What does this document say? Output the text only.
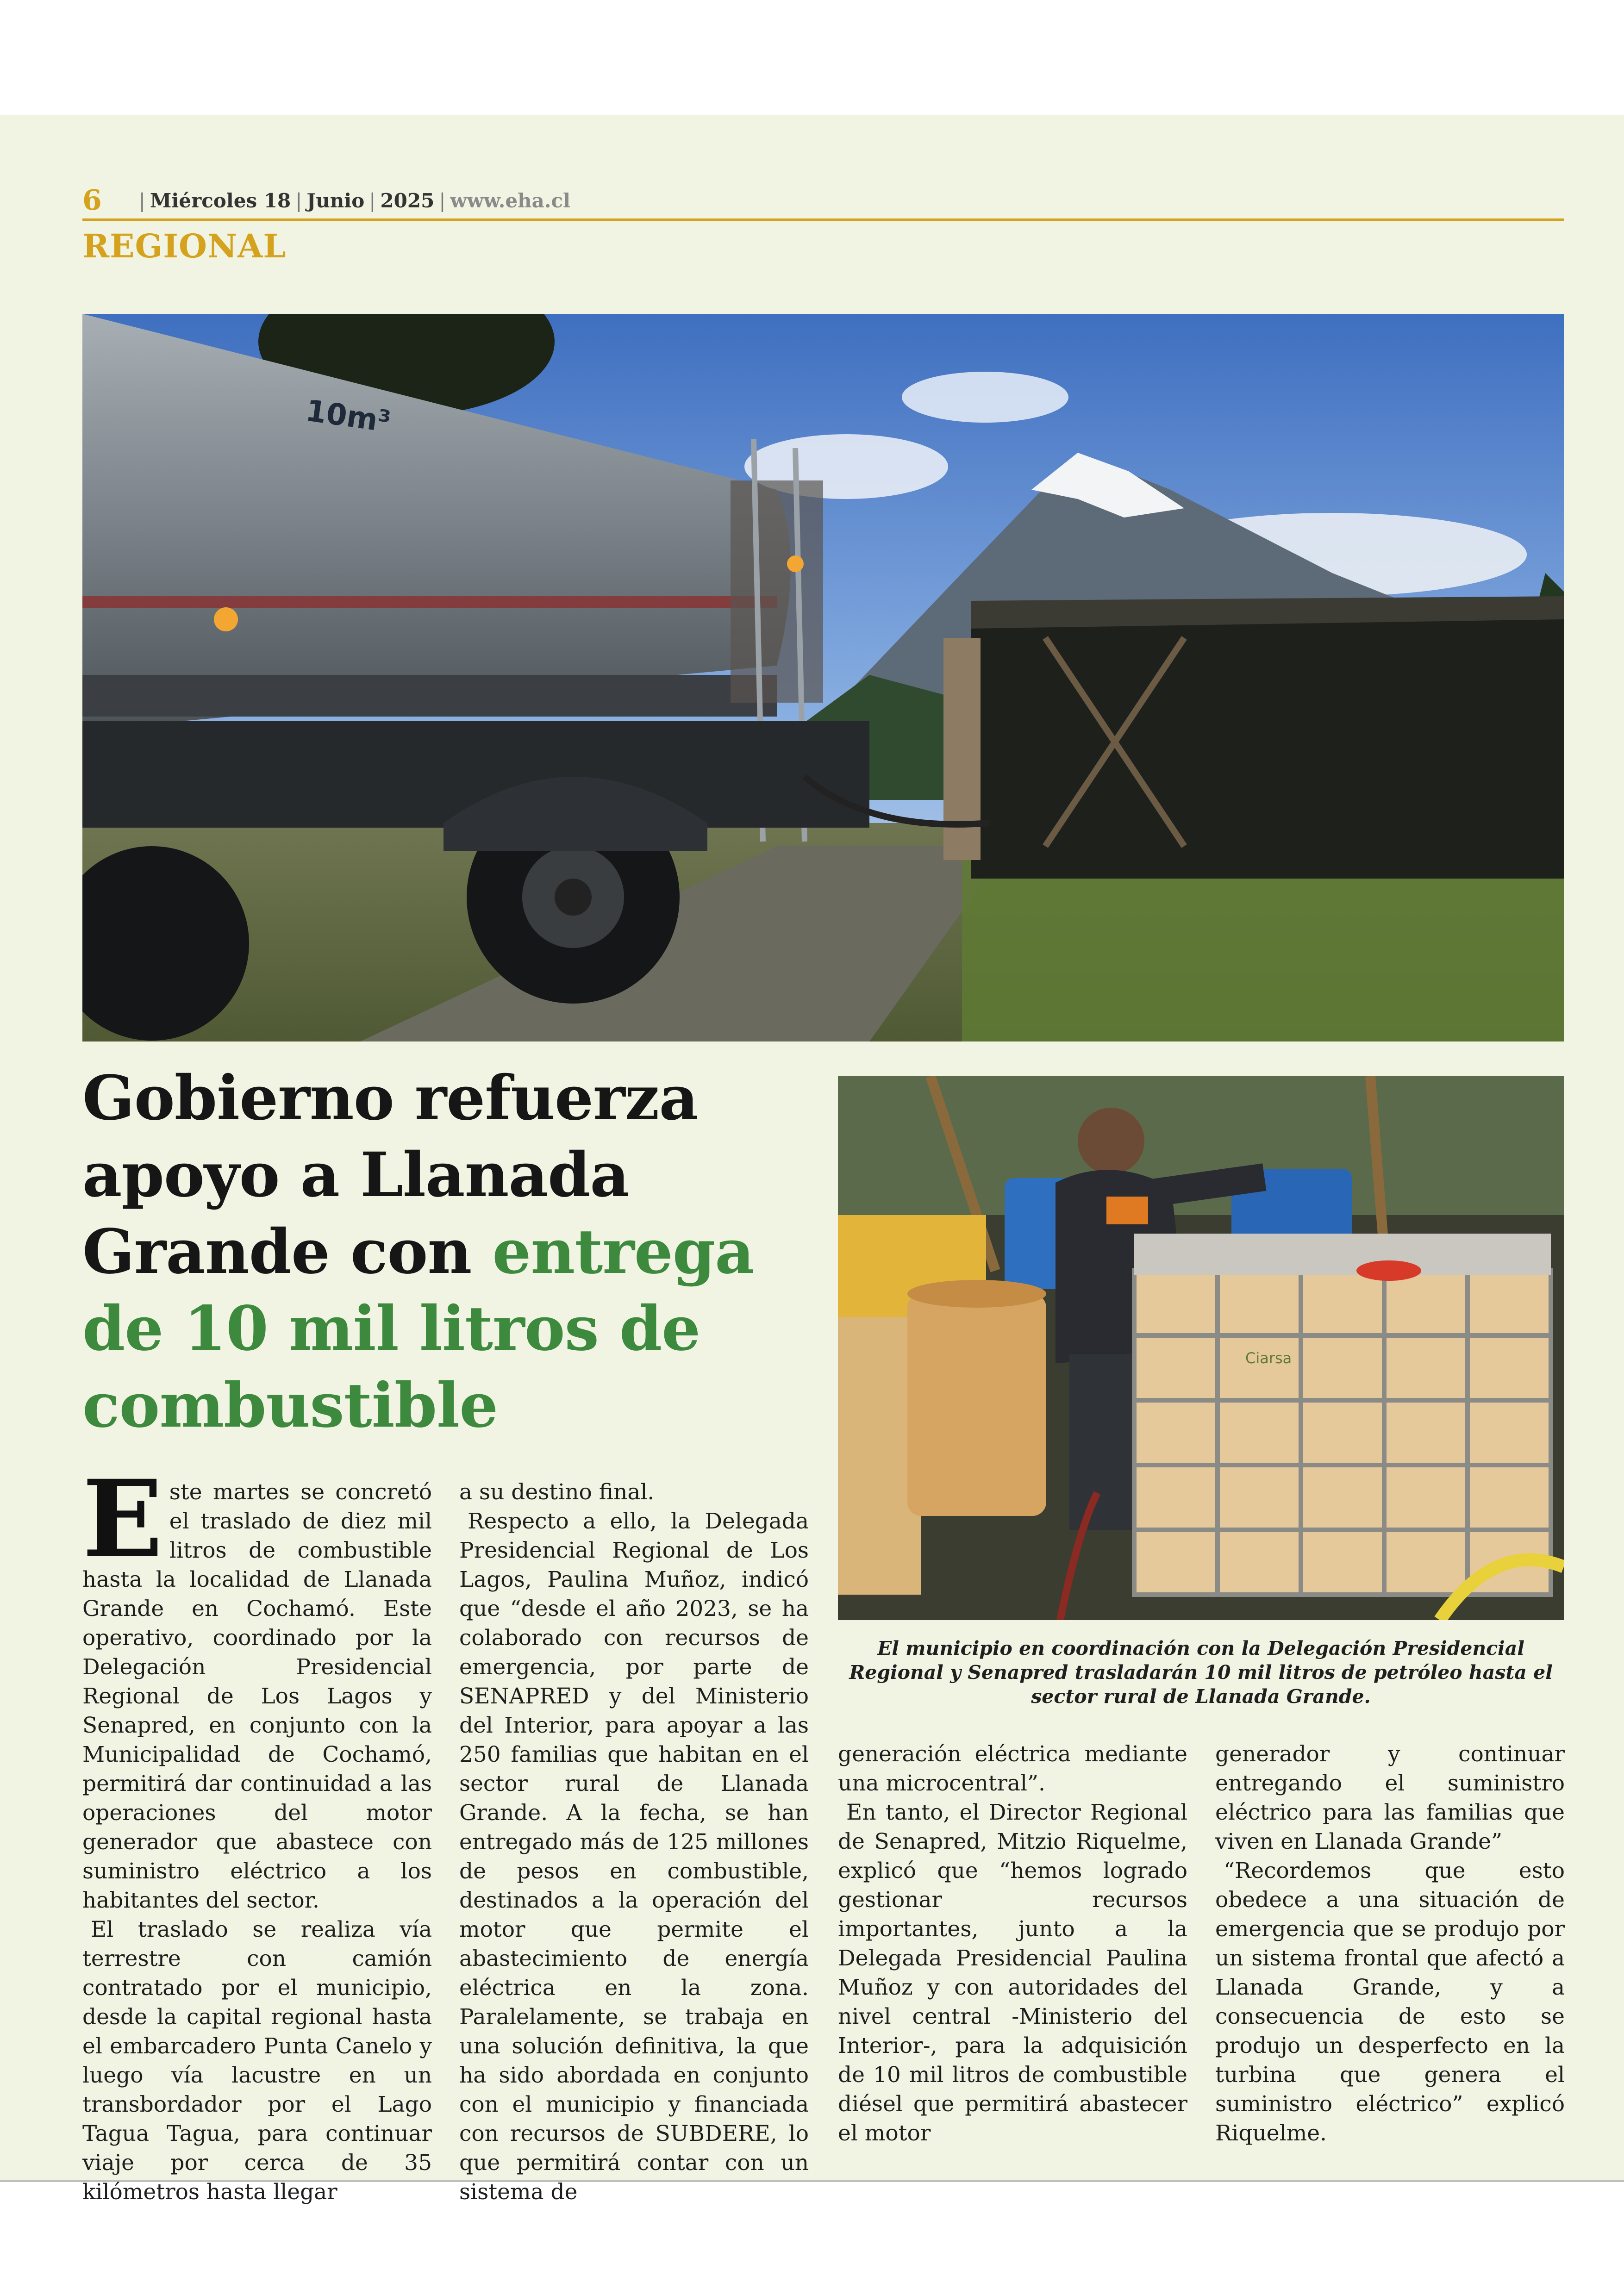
6 | Miércoles 18 | Junio | 2025 | www.eha.cl
REGIONAL
10m³
Gobierno refuerza apoyo a Llanada Grande con entrega de 10 mil litros de combustible
Ciarsa
El municipio en coordinación con la Delegación Presidencial Regional y Senapred trasladarán 10 mil litros de petróleo hasta el sector rural de Llanada Grande.

Este martes se concretó el traslado de diez mil litros de combustible hasta la localidad de Llanada Grande en Cochamó. Este operativo, coordinado por la Delegación Presidencial Regional de Los Lagos y Senapred, en conjunto con la Municipalidad de Cochamó, permitirá dar continuidad a las operaciones del motor generador que abastece con suministro eléctrico a los habitantes del sector.

El traslado se realiza vía terrestre con camión contratado por el municipio, desde la capital regional hasta el embarcadero Punta Canelo y luego vía lacustre en un transbordador por el Lago Tagua Tagua, para continuar viaje por cerca de 35 kilómetros hasta llegar

a su destino final.

Respecto a ello, la Delegada Presidencial Regional de Los Lagos, Paulina Muñoz, indicó que “desde el año 2023, se ha colaborado con recursos de emergencia, por parte de SENAPRED y del Ministerio del Interior, para apoyar a las 250 familias que habitan en el sector rural de Llanada Grande. A la fecha, se han entregado más de 125 millones de pesos en combustible, destinados a la operación del motor que permite el abastecimiento de energía eléctrica en la zona. Paralelamente, se trabaja en una solución definitiva, la que ha sido abordada en conjunto con el municipio y financiada con recursos de SUBDERE, lo que permitirá contar con un sistema de

generación eléctrica mediante una microcentral”.

En tanto, el Director Regional de Senapred, Mitzio Riquelme, explicó que “hemos logrado gestionar recursos importantes, junto a la Delegada Presidencial Paulina Muñoz y con autoridades del nivel central -Ministerio del Interior-, para la adquisición de 10 mil litros de combustible diésel que permitirá abastecer el motor

generador y continuar entregando el suministro eléctrico para las familias que viven en Llanada Grande”

“Recordemos que esto obedece a una situación de emergencia que se produjo por un sistema frontal que afectó a Llanada Grande, y a consecuencia de esto se produjo un desperfecto en la turbina que genera el suministro eléctrico” explicó Riquelme.
